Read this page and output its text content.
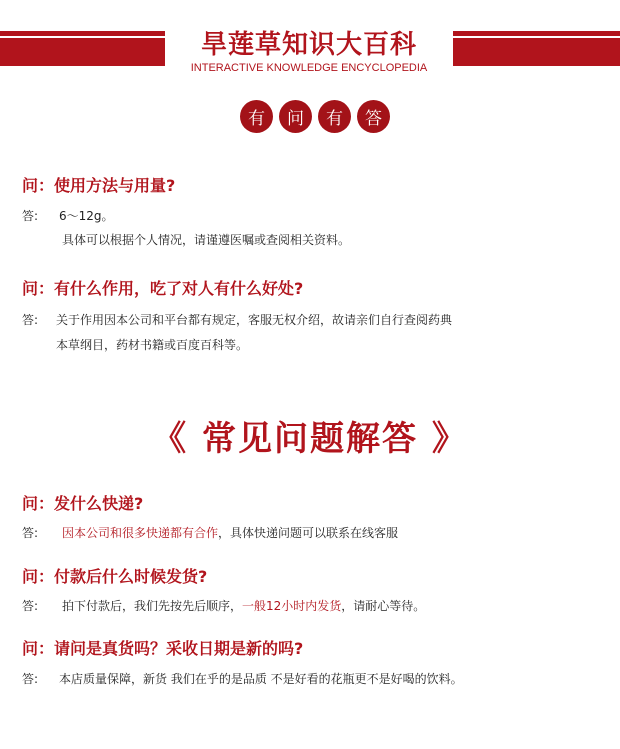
旱莲草知识大百科
INTERACTIVE KNOWLEDGE ENCYCLOPEDIA
有	问	有	答
问：使用方法与用量?
答: 6～12g。
具体可以根据个人情况，请谨遵医嘱或查阅相关资料。
问：有什么作用，吃了对人有什么好处?
答: 关于作用因本公司和平台都有规定，客服无权介绍，故请亲们自行查阅药典
本草纲目，药材书籍或百度百科等。
《 常见问题解答 》
问：发什么快递?
答: 因本公司和很多快递都有合作，具体快递问题可以联系在线客服
问：付款后什么时候发货?
答: 拍下付款后，我们先按先后顺序，一般12小时内发货，请耐心等待。
问：请问是真货吗？采收日期是新的吗?
答: 本店质量保障，新货 我们在乎的是品质 不是好看的花瓶更不是好喝的饮料。
